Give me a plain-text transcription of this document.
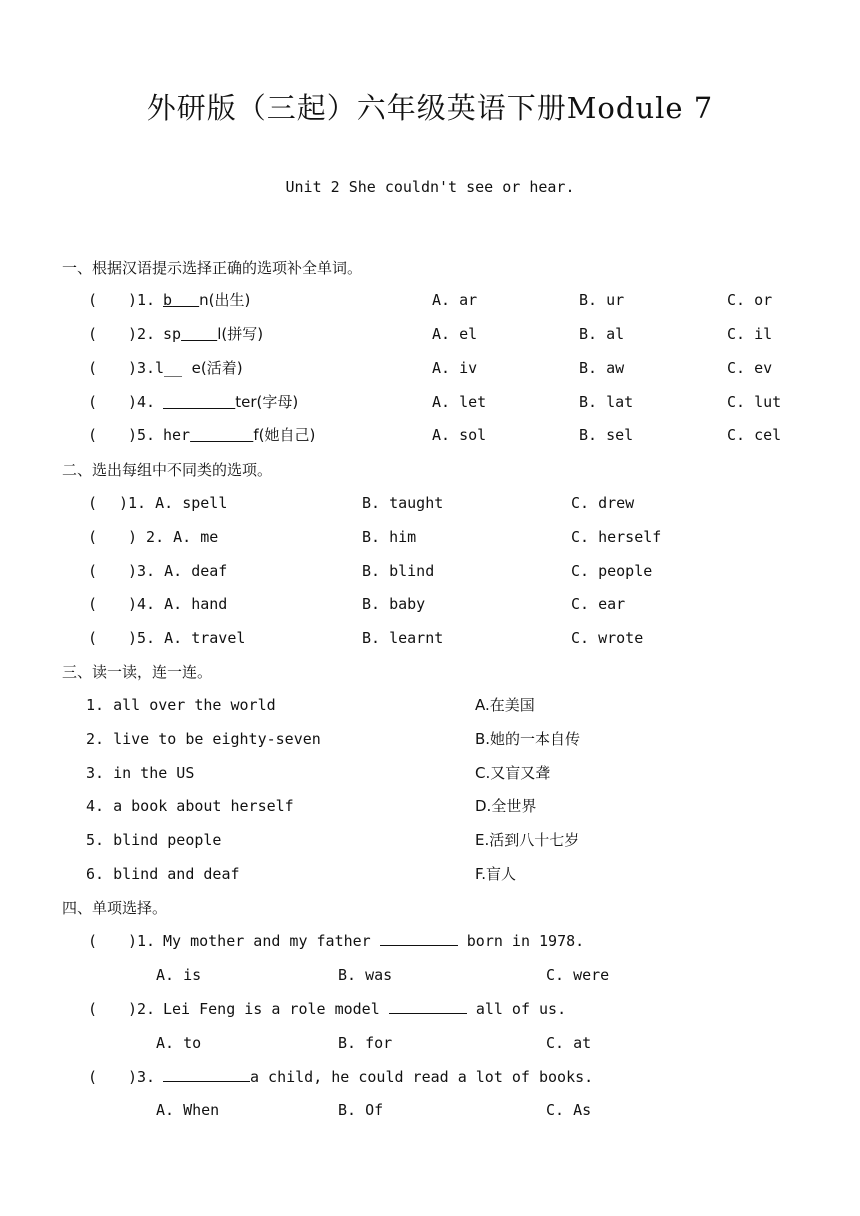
外研版（三起）六年级英语下册Module 7
Unit 2 She couldn't see or hear.
一、根据汉语提示选择正确的选项补全单词。
( )1. b n(出生)	A. ar	B. ur	C. or
( )2. sp l(拼写)	A. el	B. al	C. il
( )3. l__  e(活着)	A. iv	B. aw	C. ev
( )4.	ter(字母)	A. let	B. lat	C. lut
( )5. her	f(她自己)	A. sol	B. sel	C. cel
二、选出每组中不同类的选项。
( )1. A. spell	B. taught	C. drew
( ) 2. A. me	B. him	C. herself
( )3. A. deaf	B. blind	C. people
( )4. A. hand	B. baby	C. ear
( )5. A. travel	B. learnt	C. wrote
三、读一读，连一连。
1. all over the world	A.在美国
2. live to be eighty-seven	B.她的一本自传
3. in the US	C.又盲又聋
4. a book about herself	D.全世界
5. blind people	E.活到八十七岁
6. blind and deaf	F.盲人
四、单项选择。
( )1. My mother and my father	born in 1978.
A. is	B. was	C. were
( )2. Lei Feng is a role model	all of us.
A. to	B. for	C. at
( )3.	a child, he could read a lot of books.
A. When	B. Of	C. As
